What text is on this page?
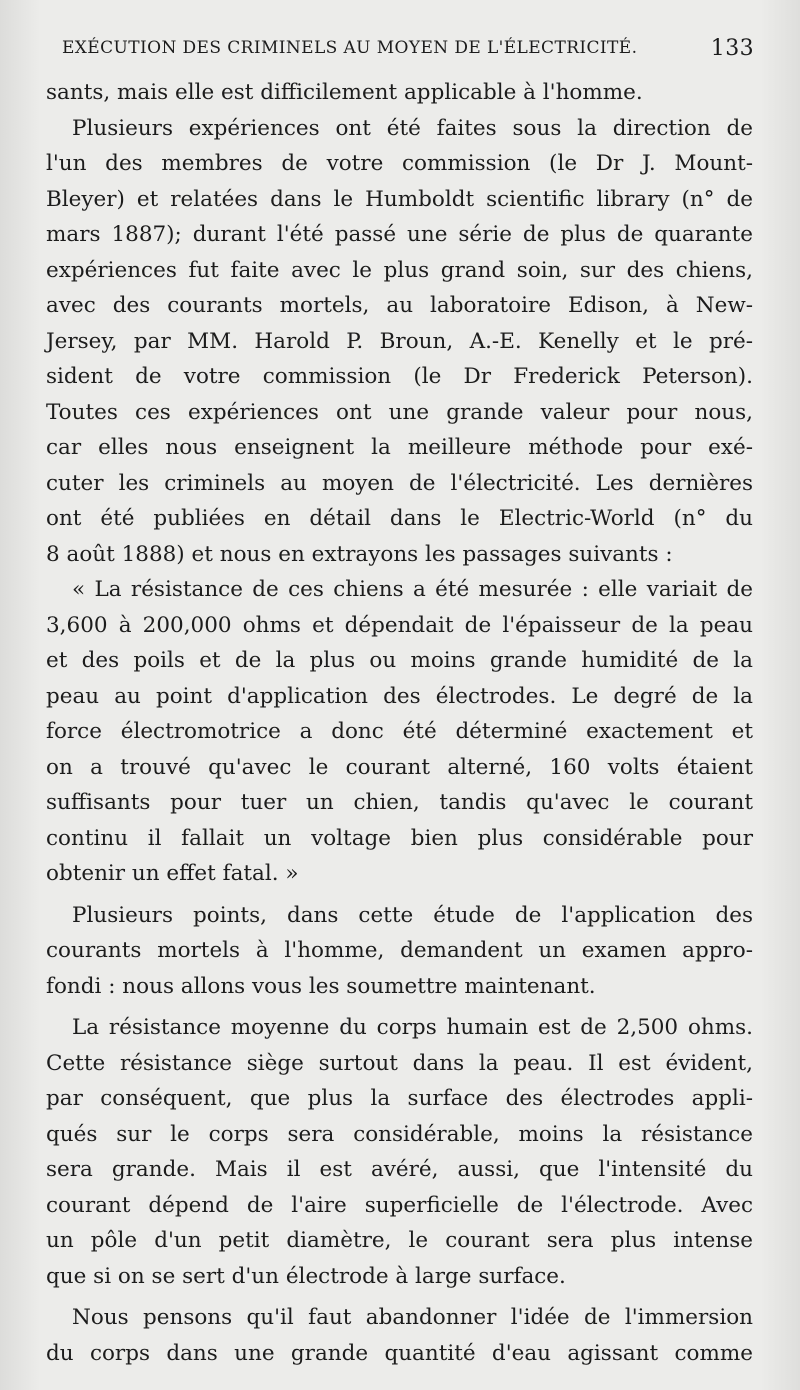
EXÉCUTION DES CRIMINELS AU MOYEN DE L'ÉLECTRICITÉ.	133
sants, mais elle est difficilement applicable à l'homme.
Plusieurs expériences ont été faites sous la direction de
l'un des membres de votre commission (le Dr J. Mount-
Bleyer) et relatées dans le Humboldt scientific library (n° de
mars 1887); durant l'été passé une série de plus de quarante
expériences fut faite avec le plus grand soin, sur des chiens,
avec des courants mortels, au laboratoire Edison, à New-
Jersey, par MM. Harold P. Broun, A.-E. Kenelly et le pré-
sident de votre commission (le Dr Frederick Peterson).
Toutes ces expériences ont une grande valeur pour nous,
car elles nous enseignent la meilleure méthode pour exé-
cuter les criminels au moyen de l'électricité. Les dernières
ont été publiées en détail dans le Electric-World (n° du
8 août 1888) et nous en extrayons les passages suivants :
« La résistance de ces chiens a été mesurée : elle variait de
3,600 à 200,000 ohms et dépendait de l'épaisseur de la peau
et des poils et de la plus ou moins grande humidité de la
peau au point d'application des électrodes. Le degré de la
force électromotrice a donc été déterminé exactement et
on a trouvé qu'avec le courant alterné, 160 volts étaient
suffisants pour tuer un chien, tandis qu'avec le courant
continu il fallait un voltage bien plus considérable pour
obtenir un effet fatal. »
Plusieurs points, dans cette étude de l'application des
courants mortels à l'homme, demandent un examen appro-
fondi : nous allons vous les soumettre maintenant.
La résistance moyenne du corps humain est de 2,500 ohms.
Cette résistance siège surtout dans la peau. Il est évident,
par conséquent, que plus la surface des électrodes appli-
qués sur le corps sera considérable, moins la résistance
sera grande. Mais il est avéré, aussi, que l'intensité du
courant dépend de l'aire superficielle de l'électrode. Avec
un pôle d'un petit diamètre, le courant sera plus intense
que si on se sert d'un électrode à large surface.
Nous pensons qu'il faut abandonner l'idée de l'immersion
du corps dans une grande quantité d'eau agissant comme
